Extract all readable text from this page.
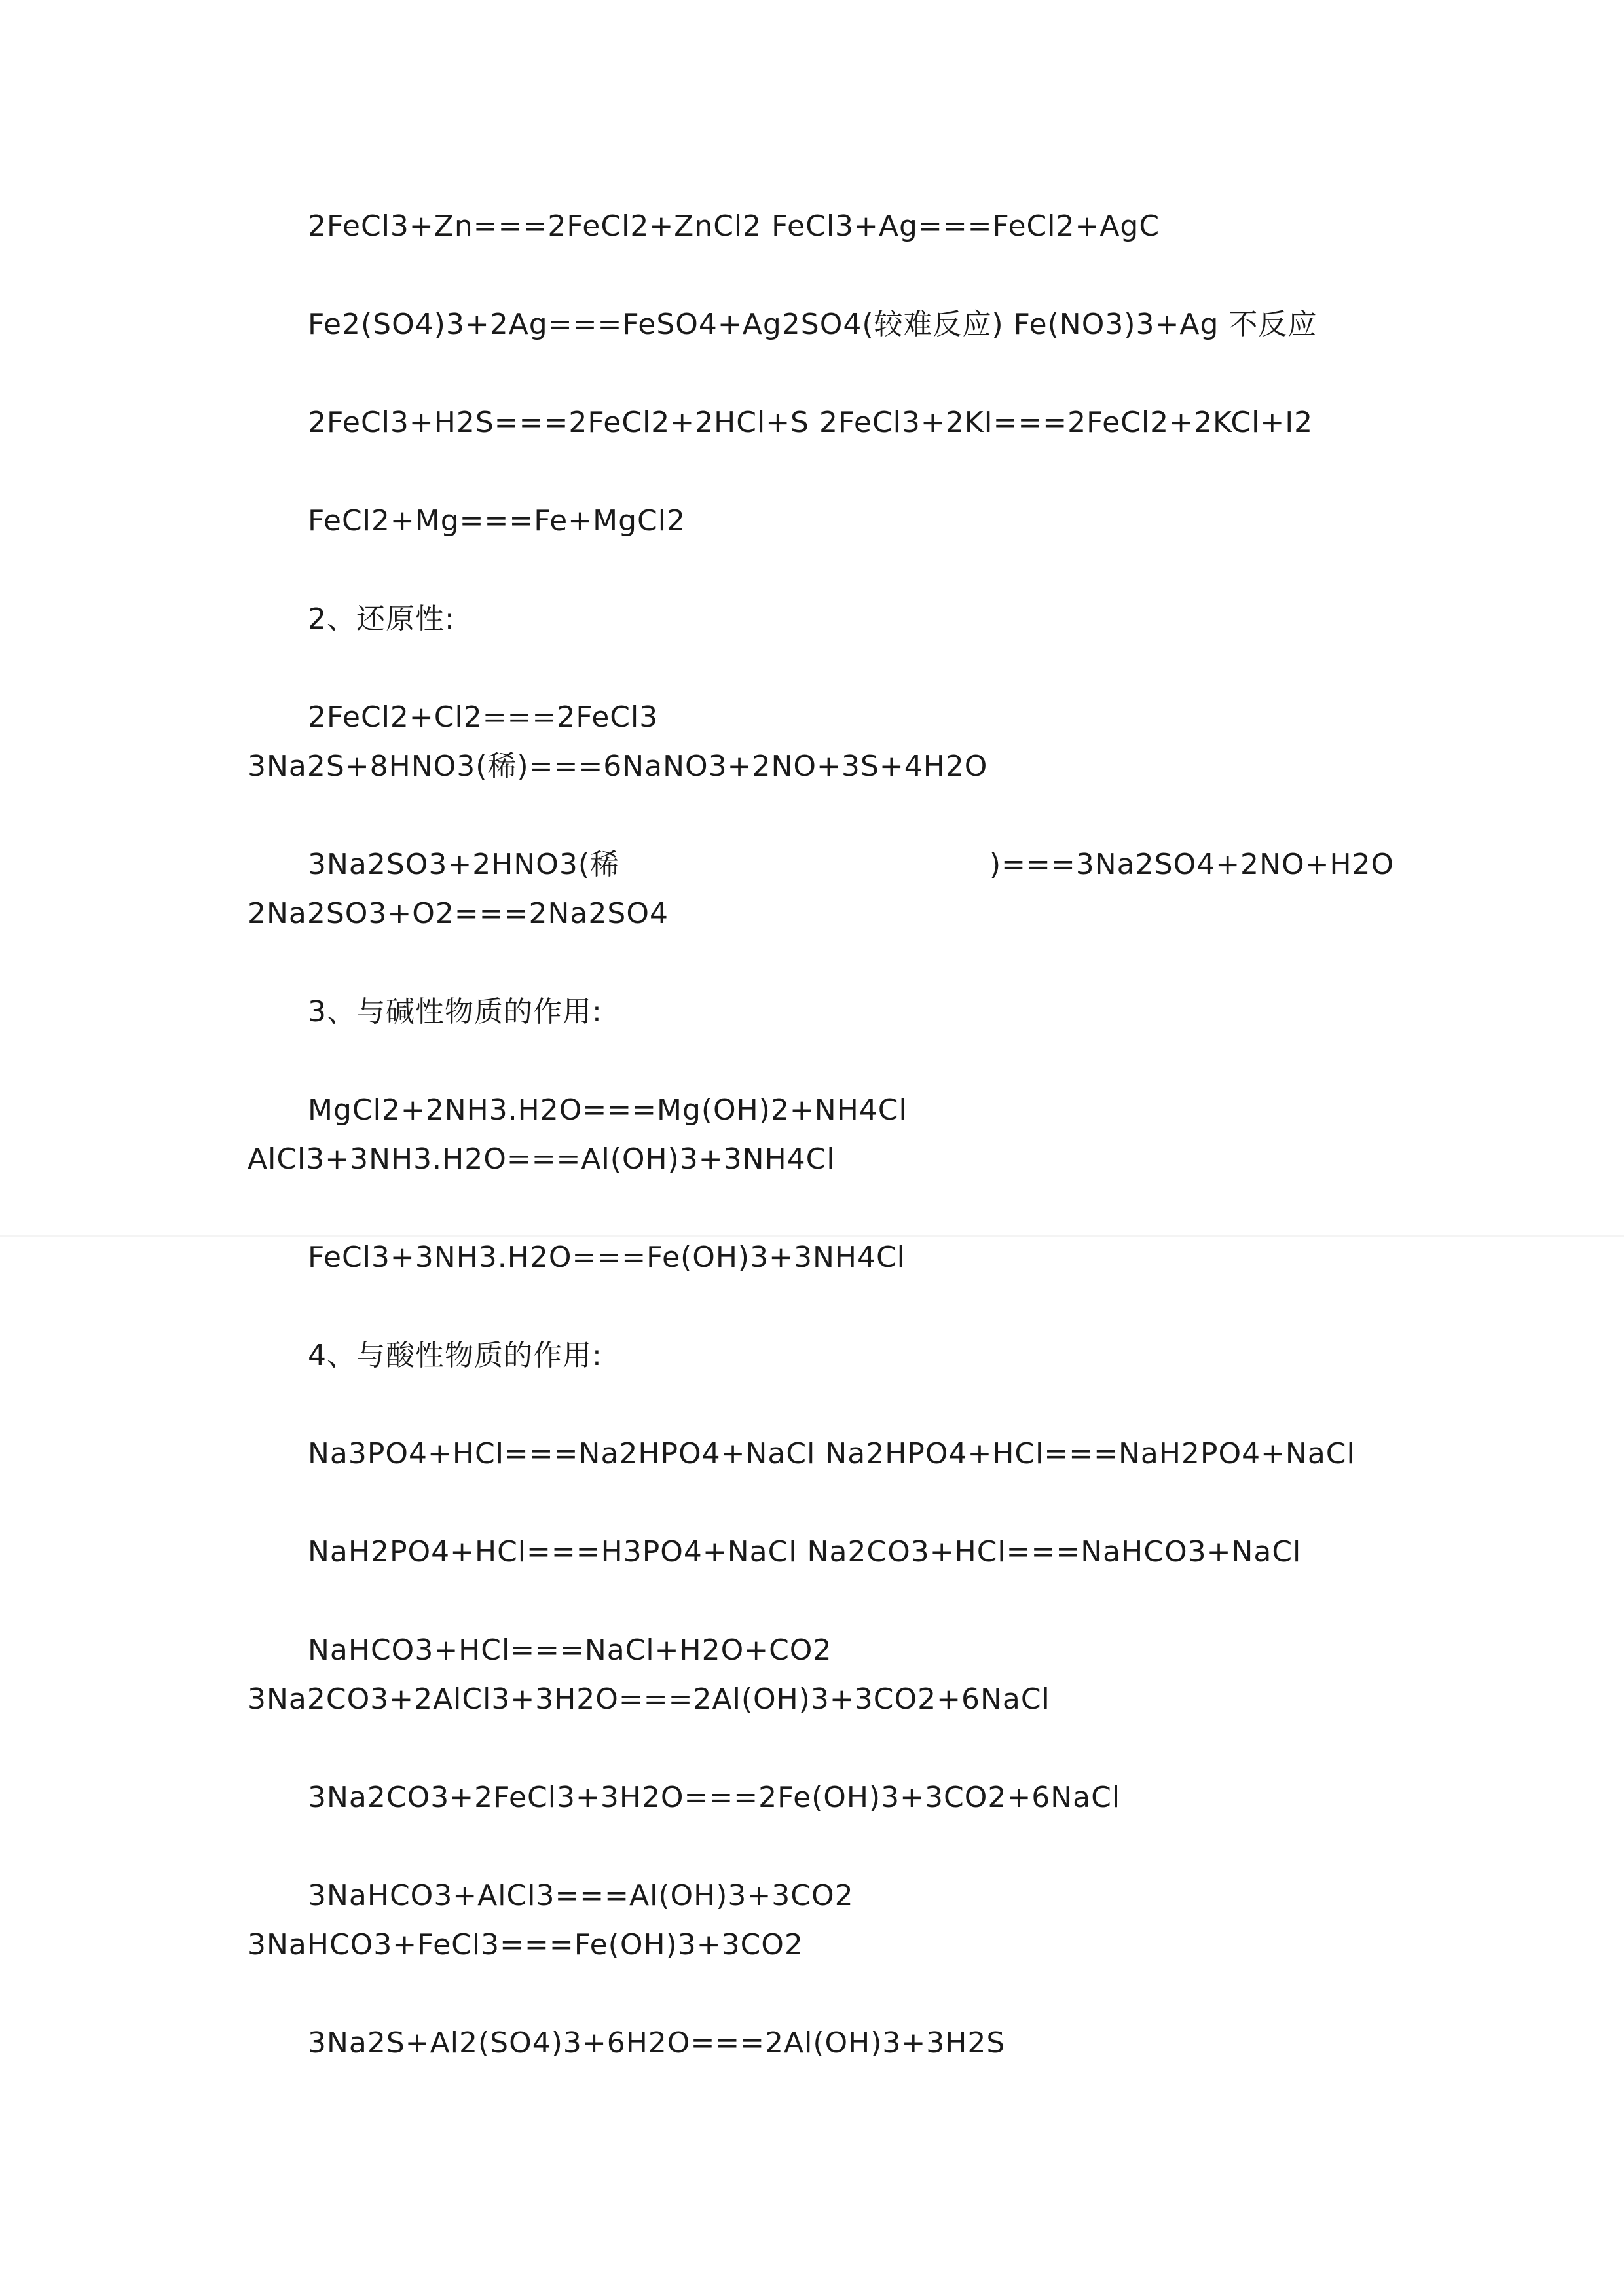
2FeCl3+Zn===2FeCl2+ZnCl2 FeCl3+Ag===FeCl2+AgC
Fe2(SO4)3+2Ag===FeSO4+Ag2SO4(较难反应) Fe(NO3)3+Ag 不反应
2FeCl3+H2S===2FeCl2+2HCl+S 2FeCl3+2KI===2FeCl2+2KCl+I2
FeCl2+Mg===Fe+MgCl2
2、还原性:
2FeCl2+Cl2===2FeCl3
3Na2S+8HNO3(稀)===6NaNO3+2NO+3S+4H2O
3Na2SO3+2HNO3(稀	)===3Na2SO4+2NO+H2O
2Na2SO3+O2===2Na2SO4
3、与碱性物质的作用:
MgCl2+2NH3.H2O===Mg(OH)2+NH4Cl
AlCl3+3NH3.H2O===Al(OH)3+3NH4Cl
FeCl3+3NH3.H2O===Fe(OH)3+3NH4Cl
4、与酸性物质的作用:
Na3PO4+HCl===Na2HPO4+NaCl Na2HPO4+HCl===NaH2PO4+NaCl
NaH2PO4+HCl===H3PO4+NaCl Na2CO3+HCl===NaHCO3+NaCl
NaHCO3+HCl===NaCl+H2O+CO2
3Na2CO3+2AlCl3+3H2O===2Al(OH)3+3CO2+6NaCl
3Na2CO3+2FeCl3+3H2O===2Fe(OH)3+3CO2+6NaCl
3NaHCO3+AlCl3===Al(OH)3+3CO2
3NaHCO3+FeCl3===Fe(OH)3+3CO2
3Na2S+Al2(SO4)3+6H2O===2Al(OH)3+3H2S
